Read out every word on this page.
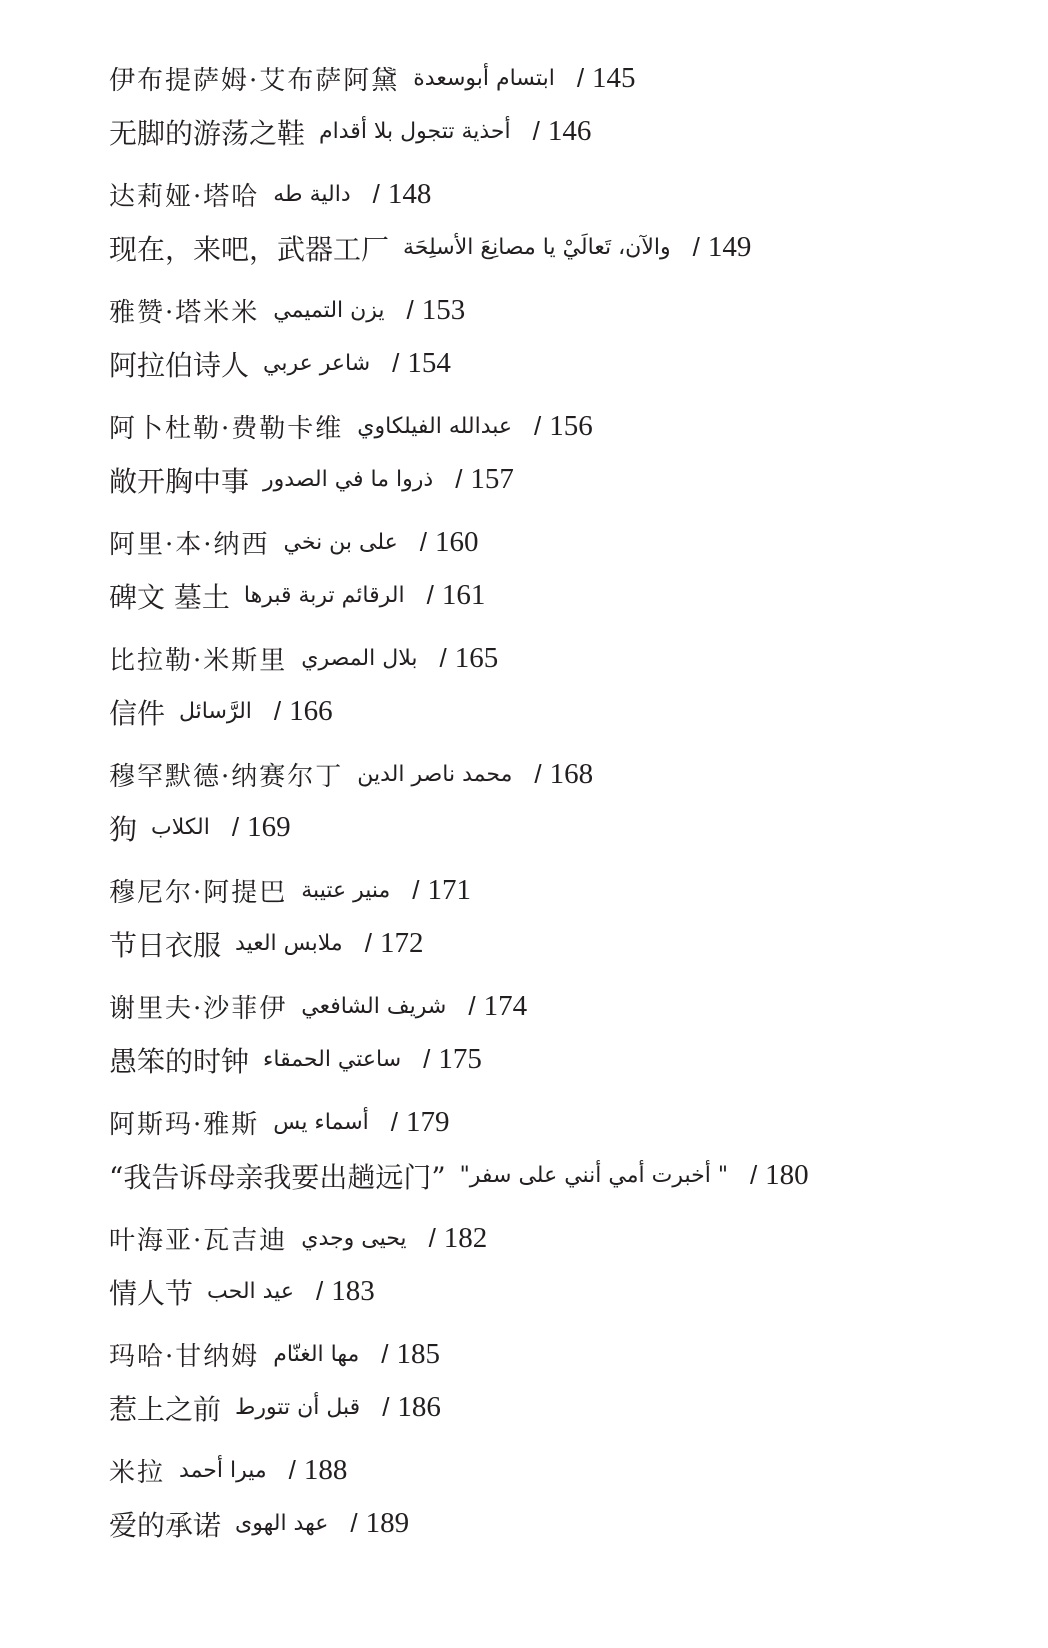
伊布提萨姆·艾布萨阿黛 ابتسام أبوسعدة / 145
无脚的游荡之鞋 أحذية تتجول بلا أقدام / 146
达莉娅·塔哈 دالية طه / 148
现在，来吧，武器工厂 والآن، تَعالَيْ يا مصانِعَ الأسلِحَة / 149
雅赞·塔米米 يزن التميمي / 153
阿拉伯诗人 شاعر عربي / 154
阿卜杜勒·费勒卡维 عبدالله الفيلكاوي / 156
敞开胸中事 ذروا ما في الصدور / 157
阿里·本·纳西 على بن نخي / 160
碑文 墓土 الرقائم تربة قبرها / 161
比拉勒·米斯里 بلال المصري / 165
信件 الرَّسائل / 166
穆罕默德·纳赛尔丁 محمد ناصر الدين / 168
狗 الكلاب / 169
穆尼尔·阿提巴 منير عتيبة / 171
节日衣服 ملابس العيد / 172
谢里夫·沙菲伊 شريف الشافعي / 174
愚笨的时钟 ساعتي الحمقاء / 175
阿斯玛·雅斯 أسماء يس / 179
“我告诉母亲我要出趟远门” " أخبرت أمي أنني على سفر" / 180
叶海亚·瓦吉迪 يحيى وجدي / 182
情人节 عيد الحب / 183
玛哈·甘纳姆 مها الغنّام / 185
惹上之前 قبل أن تتورط / 186
米拉 ميرا أحمد / 188
爱的承诺 عهد الهوى / 189
